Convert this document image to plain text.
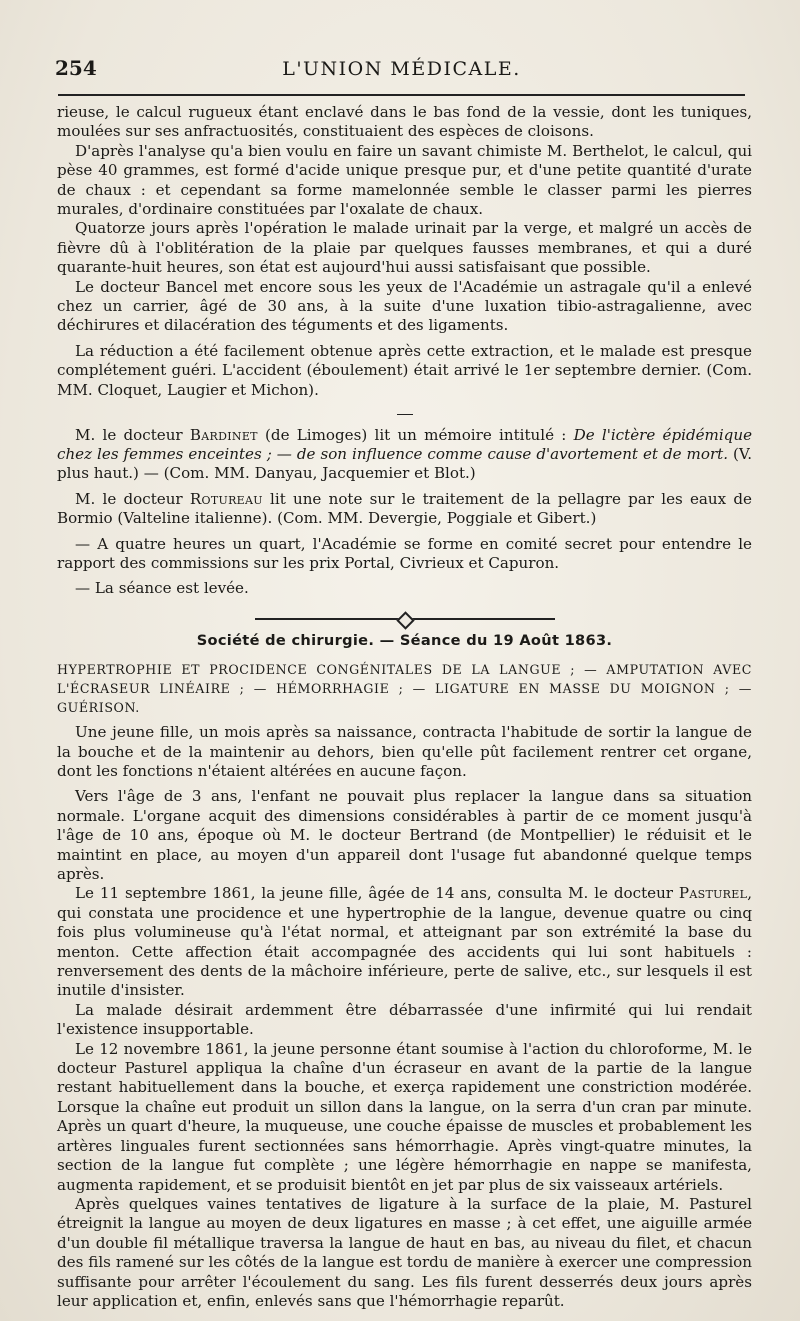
254	L'UNION MÉDICALE.

rieuse, le calcul rugueux étant enclavé dans le bas fond de la vessie, dont les tuniques, moulées sur ses anfractuosités, constituaient des espèces de cloisons.

D'après l'analyse qu'a bien voulu en faire un savant chimiste M. Berthelot, le calcul, qui pèse 40 grammes, est formé d'acide unique presque pur, et d'une petite quantité d'urate de chaux : et cependant sa forme mamelonnée semble le classer parmi les pierres murales, d'ordinaire constituées par l'oxalate de chaux.

Quatorze jours après l'opération le malade urinait par la verge, et malgré un accès de fièvre dû à l'oblitération de la plaie par quelques fausses membranes, et qui a duré quarante-huit heures, son état est aujourd'hui aussi satisfaisant que possible.

Le docteur Bancel met encore sous les yeux de l'Académie un astragale qu'il a enlevé chez un carrier, âgé de 30 ans, à la suite d'une luxation tibio-astragalienne, avec déchirures et dilacération des téguments et des ligaments.

La réduction a été facilement obtenue après cette extraction, et le malade est presque complétement guéri. L'accident (éboulement) était arrivé le 1er septembre dernier. (Com. MM. Cloquet, Laugier et Michon).

M. le docteur Bardinet (de Limoges) lit un mémoire intitulé : De l'ictère épidémique chez les femmes enceintes ; — de son influence comme cause d'avortement et de mort. (V. plus haut.) — (Com. MM. Danyau, Jacquemier et Blot.)

M. le docteur Rotureau lit une note sur le traitement de la pellagre par les eaux de Bormio (Valteline italienne). (Com. MM. Devergie, Poggiale et Gibert.)

— A quatre heures un quart, l'Académie se forme en comité secret pour entendre le rapport des commissions sur les prix Portal, Civrieux et Capuron.

— La séance est levée.

Société de chirurgie. — Séance du 19 Août 1863.
HYPERTROPHIE ET PROCIDENCE CONGÉNITALES DE LA LANGUE ; — AMPUTATION AVEC L'ÉCRASEUR LINÉAIRE ; — HÉMORRHAGIE ; — LIGATURE EN MASSE DU MOIGNON ; — GUÉRISON.

Une jeune fille, un mois après sa naissance, contracta l'habitude de sortir la langue de la bouche et de la maintenir au dehors, bien qu'elle pût facilement rentrer cet organe, dont les fonctions n'étaient altérées en aucune façon.

Vers l'âge de 3 ans, l'enfant ne pouvait plus replacer la langue dans sa situation normale. L'organe acquit des dimensions considérables à partir de ce moment jusqu'à l'âge de 10 ans, époque où M. le docteur Bertrand (de Montpellier) le réduisit et le maintint en place, au moyen d'un appareil dont l'usage fut abandonné quelque temps après.

Le 11 septembre 1861, la jeune fille, âgée de 14 ans, consulta M. le docteur Pasturel, qui constata une procidence et une hypertrophie de la langue, devenue quatre ou cinq fois plus volumineuse qu'à l'état normal, et atteignant par son extrémité la base du menton. Cette affection était accompagnée des accidents qui lui sont habituels : renversement des dents de la mâchoire inférieure, perte de salive, etc., sur lesquels il est inutile d'insister.

La malade désirait ardemment être débarrassée d'une infirmité qui lui rendait l'existence insupportable.

Le 12 novembre 1861, la jeune personne étant soumise à l'action du chloroforme, M. le docteur Pasturel appliqua la chaîne d'un écraseur en avant de la partie de la langue restant habituellement dans la bouche, et exerça rapidement une constriction modérée. Lorsque la chaîne eut produit un sillon dans la langue, on la serra d'un cran par minute. Après un quart d'heure, la muqueuse, une couche épaisse de muscles et probablement les artères linguales furent sectionnées sans hémorrhagie. Après vingt-quatre minutes, la section de la langue fut complète ; une légère hémorrhagie en nappe se manifesta, augmenta rapidement, et se produisit bientôt en jet par plus de six vaisseaux artériels.

Après quelques vaines tentatives de ligature à la surface de la plaie, M. Pasturel étreignit la langue au moyen de deux ligatures en masse ; à cet effet, une aiguille armée d'un double fil métallique traversa la langue de haut en bas, au niveau du filet, et chacun des fils ramené sur les côtés de la langue est tordu de manière à exercer une compression suffisante pour arrêter l'écoulement du sang. Les fils furent desserrés deux jours après leur application et, enfin, enlevés sans que l'hémorrhagie reparût.
